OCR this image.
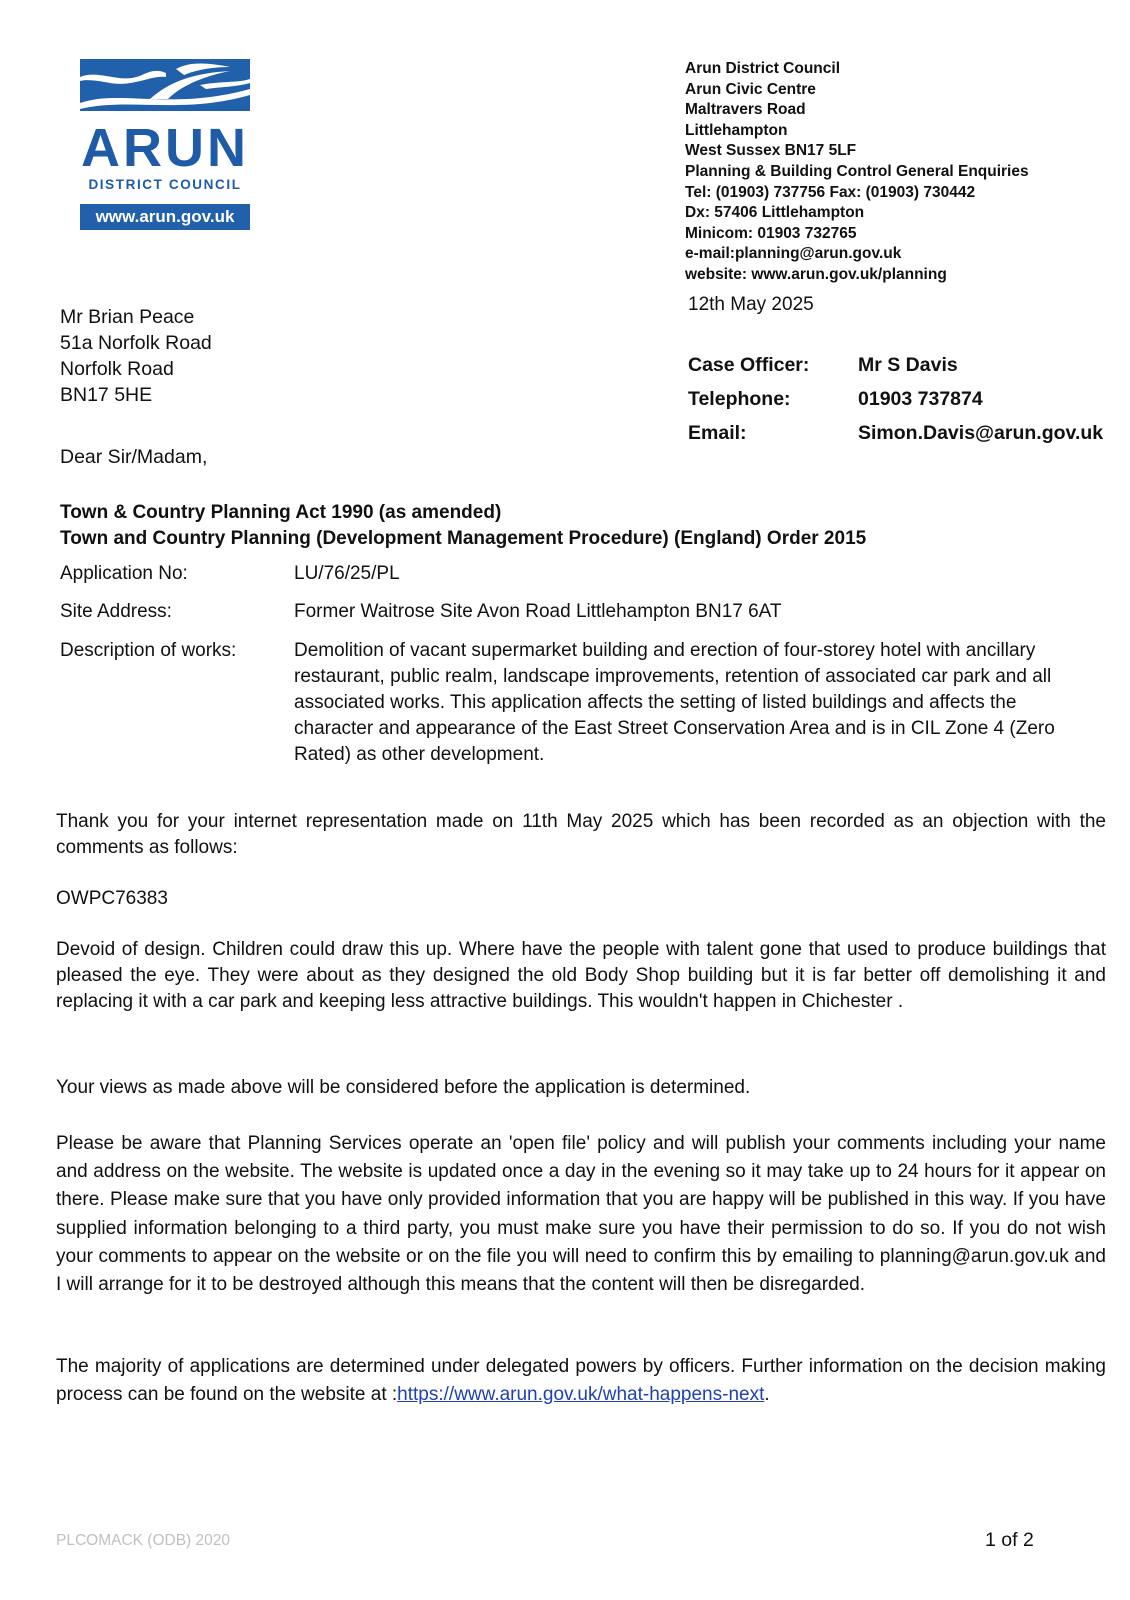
ARUN
DISTRICT COUNCIL
www.arun.gov.uk
Arun District Council
Arun Civic Centre
Maltravers Road
Littlehampton
West Sussex BN17 5LF
Planning & Building Control General Enquiries
Tel: (01903) 737756 Fax: (01903) 730442
Dx: 57406 Littlehampton
Minicom: 01903 732765
e-mail:planning@arun.gov.uk
website: www.arun.gov.uk/planning
12th May 2025
Mr Brian Peace
51a Norfolk Road
Norfolk Road
BN17 5HE
Case Officer: Mr S Davis
Telephone:	01903 737874
Email:	Simon.Davis@arun.gov.uk
Dear Sir/Madam,
Town & Country Planning Act 1990 (as amended)
Town and Country Planning (Development Management Procedure) (England) Order 2015
Application No:	LU/76/25/PL
Site Address:	Former Waitrose Site Avon Road Littlehampton BN17 6AT
Description of works:	Demolition of vacant supermarket building and erection of four-storey hotel with ancillary restaurant, public realm, landscape improvements, retention of associated car park and all associated works. This application affects the setting of listed buildings and affects the character and appearance of the East Street Conservation Area and is in CIL Zone 4 (Zero Rated) as other development.
Thank you for your internet representation made on 11th May 2025 which has been recorded as an objection with the comments as follows:
OWPC76383
Devoid of design. Children could draw this up. Where have the people with talent gone that used to produce buildings that pleased the eye. They were about as they designed the old Body Shop building but it is far better off demolishing it and replacing it with a car park and keeping less attractive buildings. This wouldn't happen in Chichester .
Your views as made above will be considered before the application is determined.
Please be aware that Planning Services operate an 'open file' policy and will publish your comments including your name and address on the website. The website is updated once a day in the evening so it may take up to 24 hours for it appear on there. Please make sure that you have only provided information that you are happy will be published in this way. If you have supplied information belonging to a third party, you must make sure you have their permission to do so. If you do not wish your comments to appear on the website or on the file you will need to confirm this by emailing to planning@arun.gov.uk and I will arrange for it to be destroyed although this means that the content will then be disregarded.
The majority of applications are determined under delegated powers by officers. Further information on the decision making process can be found on the website at :https://www.arun.gov.uk/what-happens-next.
PLCOMACK (ODB) 2020	1 of 2
